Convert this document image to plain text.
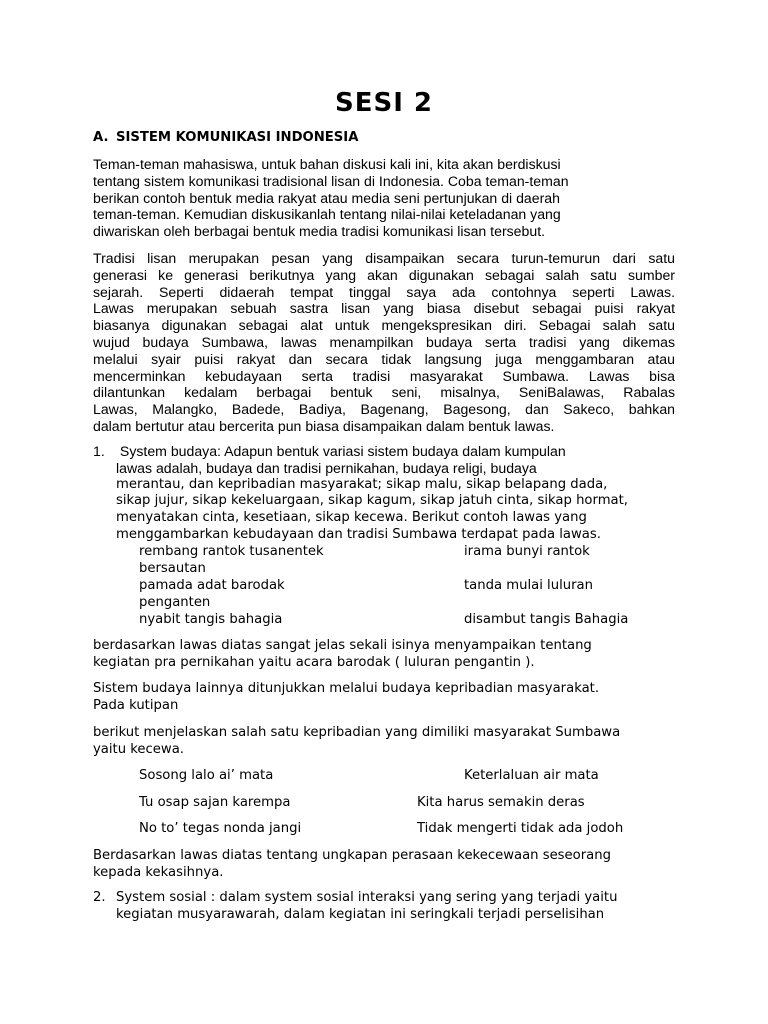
SESI 2
A. SISTEM KOMUNIKASI INDONESIA
Teman-teman mahasiswa, untuk bahan diskusi kali ini, kita akan berdiskusi
tentang sistem komunikasi tradisional lisan di Indonesia. Coba teman-teman
berikan contoh bentuk media rakyat atau media seni pertunjukan di daerah
teman-teman. Kemudian diskusikanlah tentang nilai-nilai keteladanan yang
diwariskan oleh berbagai bentuk media tradisi komunikasi lisan tersebut.
Tradisi lisan merupakan pesan yang disampaikan secara turun-temurun dari satu
generasi ke generasi berikutnya yang akan digunakan sebagai salah satu sumber
sejarah. Seperti didaerah tempat tinggal saya ada contohnya seperti Lawas.
Lawas merupakan sebuah sastra lisan yang biasa disebut sebagai puisi rakyat
biasanya digunakan sebagai alat untuk mengekspresikan diri. Sebagai salah satu
wujud budaya Sumbawa, lawas menampilkan budaya serta tradisi yang dikemas
melalui syair puisi rakyat dan secara tidak langsung juga menggambaran atau
mencerminkan kebudayaan serta tradisi masyarakat Sumbawa. Lawas bisa
dilantunkan kedalam berbagai bentuk seni, misalnya, SeniBalawas, Rabalas
Lawas, Malangko, Badede, Badiya, Bagenang, Bagesong, dan Sakeco, bahkan
dalam bertutur atau bercerita pun biasa disampaikan dalam bentuk lawas.
1. System budaya: Adapun bentuk variasi sistem budaya dalam kumpulan
lawas adalah, budaya dan tradisi pernikahan, budaya religi, budaya
merantau, dan kepribadian masyarakat; sikap malu, sikap belapang dada,
sikap jujur, sikap kekeluargaan, sikap kagum, sikap jatuh cinta, sikap hormat,
menyatakan cinta, kesetiaan, sikap kecewa. Berikut contoh lawas yang
menggambarkan kebudayaan dan tradisi Sumbawa terdapat pada lawas.
rembang rantok tusanentek	irama bunyi rantok
bersautan
pamada adat barodak	tanda mulai luluran
penganten
nyabit tangis bahagia	disambut tangis Bahagia
berdasarkan lawas diatas sangat jelas sekali isinya menyampaikan tentang
kegiatan pra pernikahan yaitu acara barodak ( luluran pengantin ).
Sistem budaya lainnya ditunjukkan melalui budaya kepribadian masyarakat.
Pada kutipan
berikut menjelaskan salah satu kepribadian yang dimiliki masyarakat Sumbawa
yaitu kecewa.
Sosong lalo ai’ mata	Keterlaluan air mata
Tu osap sajan karempa	Kita harus semakin deras
No to’ tegas nonda jangi	Tidak mengerti tidak ada jodoh
Berdasarkan lawas diatas tentang ungkapan perasaan kekecewaan seseorang
kepada kekasihnya.
2. System sosial : dalam system sosial interaksi yang sering yang terjadi yaitu
kegiatan musyarawarah, dalam kegiatan ini seringkali terjadi perselisihan
